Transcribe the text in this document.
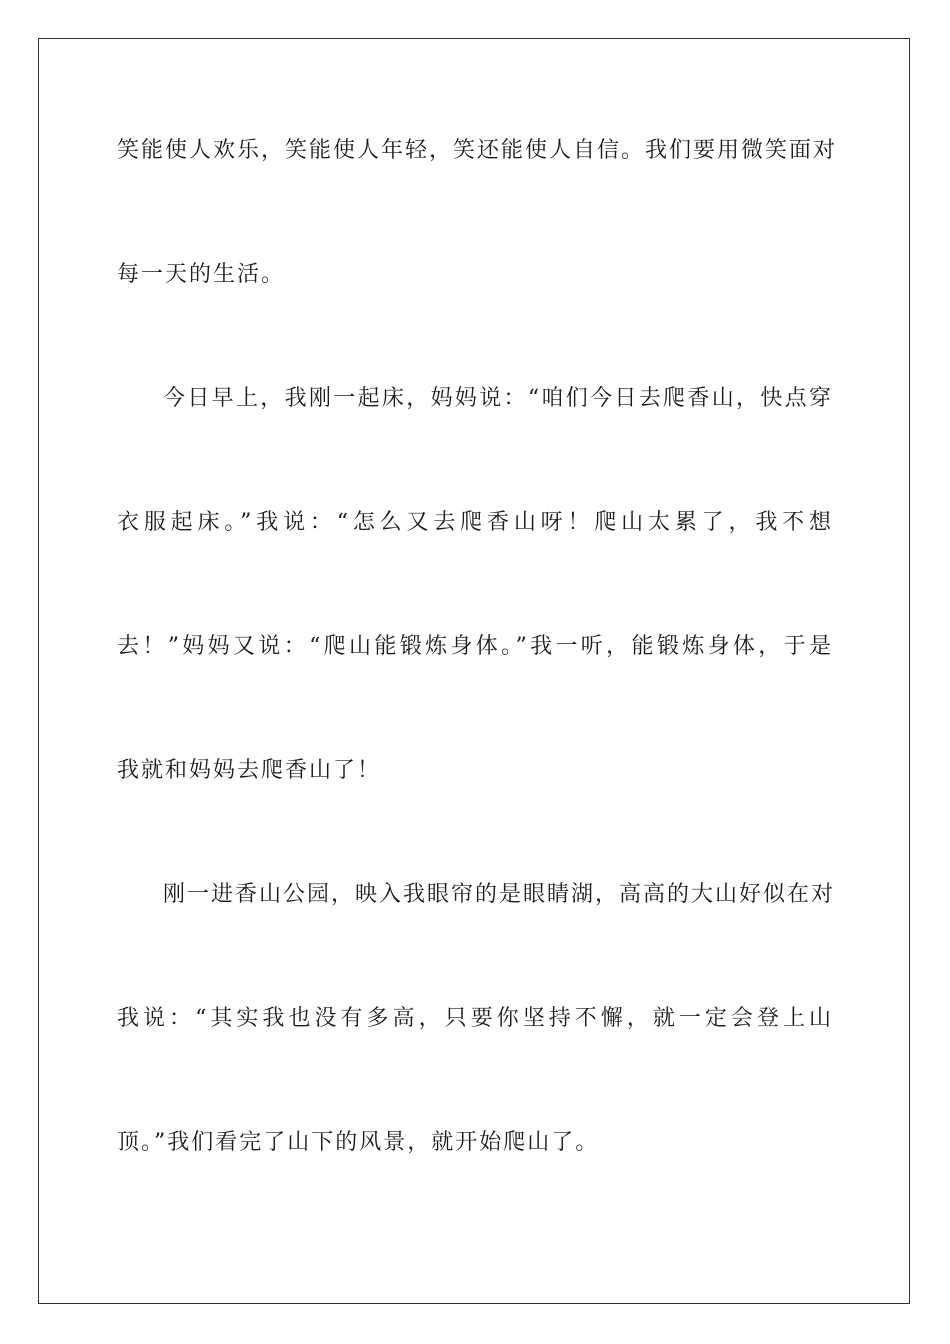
笑能使人欢乐，笑能使人年轻，笑还能使人自信。我们要用微笑面对
每一天的生活。
今日早上，我刚一起床，妈妈说：“咱们今日去爬香山，快点穿
衣服起床。”我说：“怎么又去爬香山呀！爬山太累了，我不想
去！”妈妈又说：“爬山能锻炼身体。”我一听，能锻炼身体，于是
我就和妈妈去爬香山了！
刚一进香山公园，映入我眼帘的是眼睛湖，高高的大山好似在对
我说：“其实我也没有多高，只要你坚持不懈，就一定会登上山
顶。”我们看完了山下的风景，就开始爬山了。
